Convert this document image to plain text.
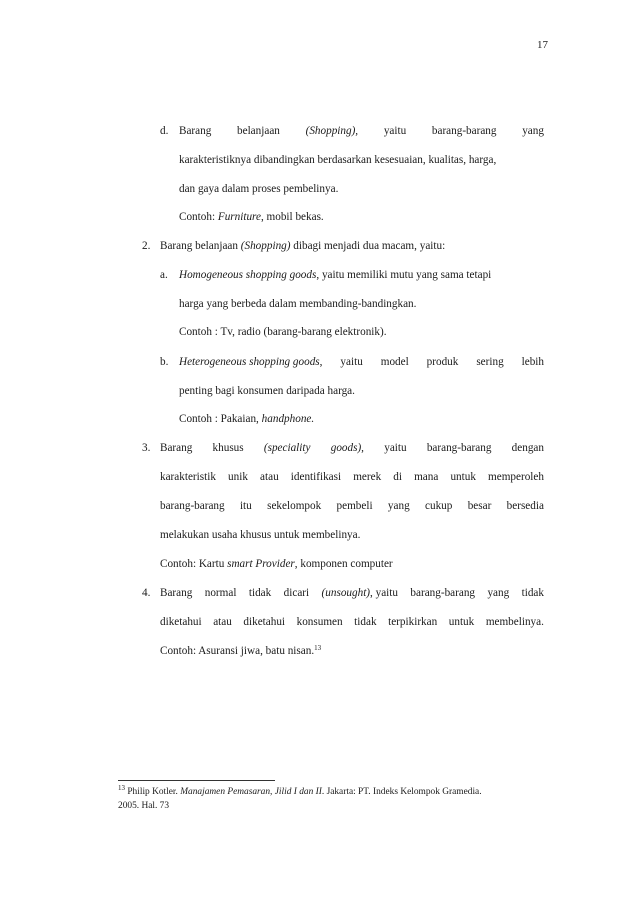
17
d. Barang belanjaan (Shopping), yaitu barang-barang yang
karakteristiknya dibandingkan berdasarkan kesesuaian, kualitas, harga,
dan gaya dalam proses pembelinya.
Contoh: Furniture, mobil bekas.
2. Barang belanjaan (Shopping) dibagi menjadi dua macam, yaitu:
a. Homogeneous shopping goods, yaitu memiliki mutu yang sama tetapi
harga yang berbeda dalam membanding-bandingkan.
Contoh : Tv, radio (barang-barang elektronik).
b. Heterogeneous shopping goods, yaitu model produk sering lebih
penting bagi konsumen daripada harga.
Contoh : Pakaian, handphone.
3. Barang khusus (speciality goods), yaitu barang-barang dengan
karakteristik unik atau identifikasi merek di mana untuk memperoleh
barang-barang itu sekelompok pembeli yang cukup besar bersedia
melakukan usaha khusus untuk membelinya.
Contoh: Kartu smart Provider, komponen computer
4. Barang normal tidak dicari (unsought), yaitu barang-barang yang tidak
diketahui atau diketahui konsumen tidak terpikirkan untuk membelinya.
Contoh: Asuransi jiwa, batu nisan.$^{13}$
$^{13}$ Philip Kotler. Manajamen Pemasaran, Jilid I dan II. Jakarta: PT. Indeks Kelompok Gramedia.
2005. Hal. 73
